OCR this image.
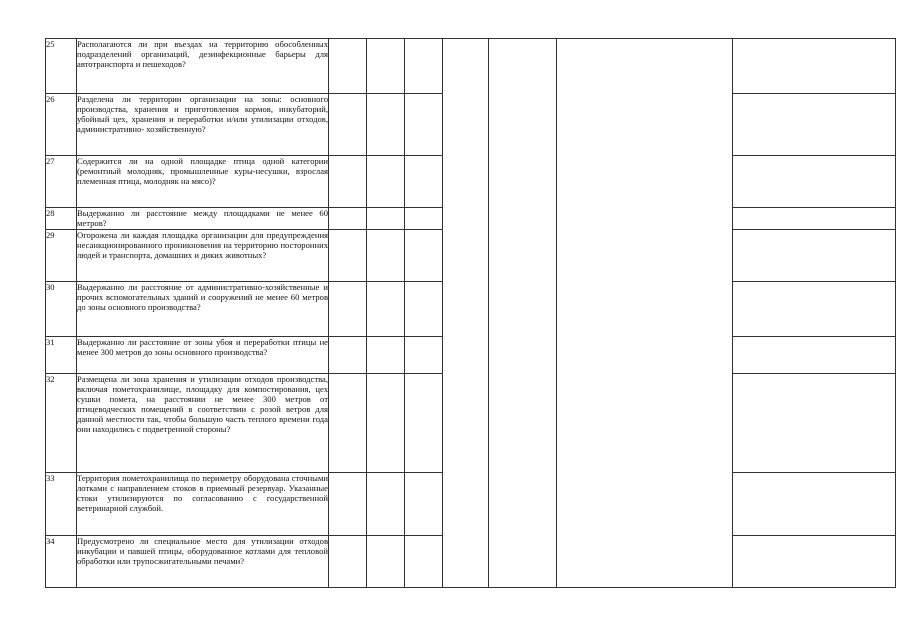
25	Располагаются ли при въездах на территорию обособленных подразделений организаций, дезинфекционные барьеры для автотранспорта и пешеходов?							
26	Разделена ли территории организации на зоны: основного производства, хранения и приготовления кормов, инкубаторий, убойный цех, хранения и переработки и/или утилизации отходов, административно- хозяйственную?							
27	Содержится ли на одной площадке птица одной категории (ремонтный молодняк, промышленные куры-несушки, взрослая племенная птица, молодняк на мясо)?							
28	Выдержанно ли расстояние между площадками не менее 60 метров?							
29	Огорожена ли каждая площадка организации для предупреждения несанкционированного проникновения на территорию посторонних людей и транспорта, домашних и диких животных?							
30	Выдержанно ли расстояние от административно-хозяйственные и прочих вспомогательных зданий и сооружений не менее 60 метров до зоны основного производства?							
31	Выдержанно ли расстояние от зоны убоя и переработки птицы не менее 300 метров до зоны основного производства?							
32	Размещена ли зона хранения и утилизации отходов производства, включая пометохранилище, площадку для компостирования, цех сушки помета, на расстоянии не менее 300 метров от птицеводческих помещений в соответствии с розой ветров для данной местности так, чтобы большую часть теплого времени года они находились с подветренной стороны?							
33	Территория пометохранилища по периметру оборудована сточными лотками с направлением стоков в приемный резервуар. Указанные стоки утилизируются по согласованию с государственной ветеринарной службой.							
34	Предусмотрено ли специальное место для утилизации отходов инкубации и павшей птицы, оборудованное котлами для тепловой обработки или трупосжигательными печами?							
